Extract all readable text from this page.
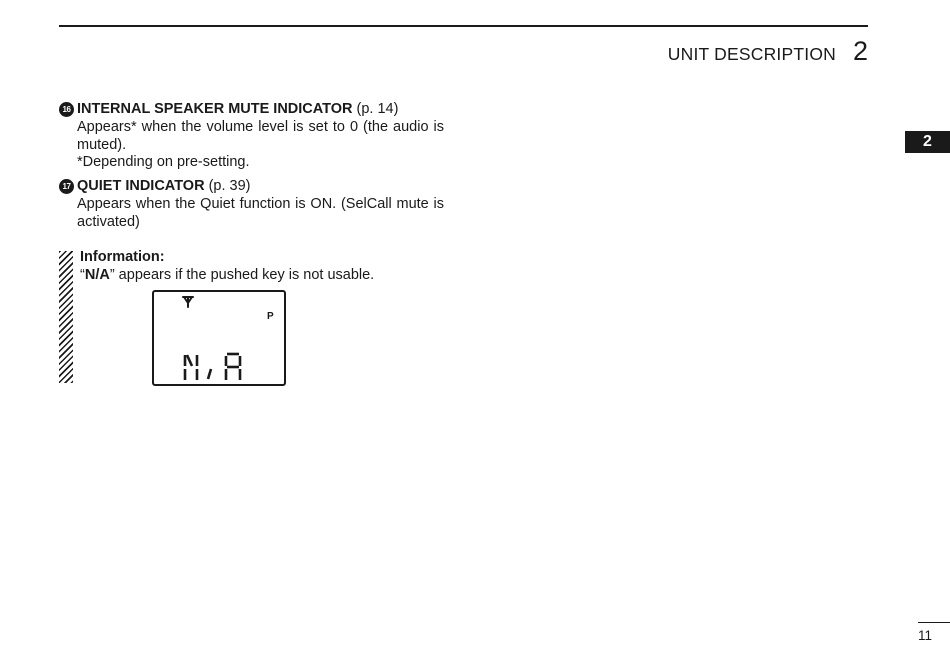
UNIT DESCRIPTION 2
2
16 INTERNAL SPEAKER MUTE INDICATOR (p. 14)
Appears* when the volume level is set to 0 (the audio is muted).
*Depending on pre-setting.
17 QUIET INDICATOR (p. 39)
Appears when the Quiet function is ON. (SelCall mute is activated)
Information:
“N/A” appears if the pushed key is not usable.
P
11
